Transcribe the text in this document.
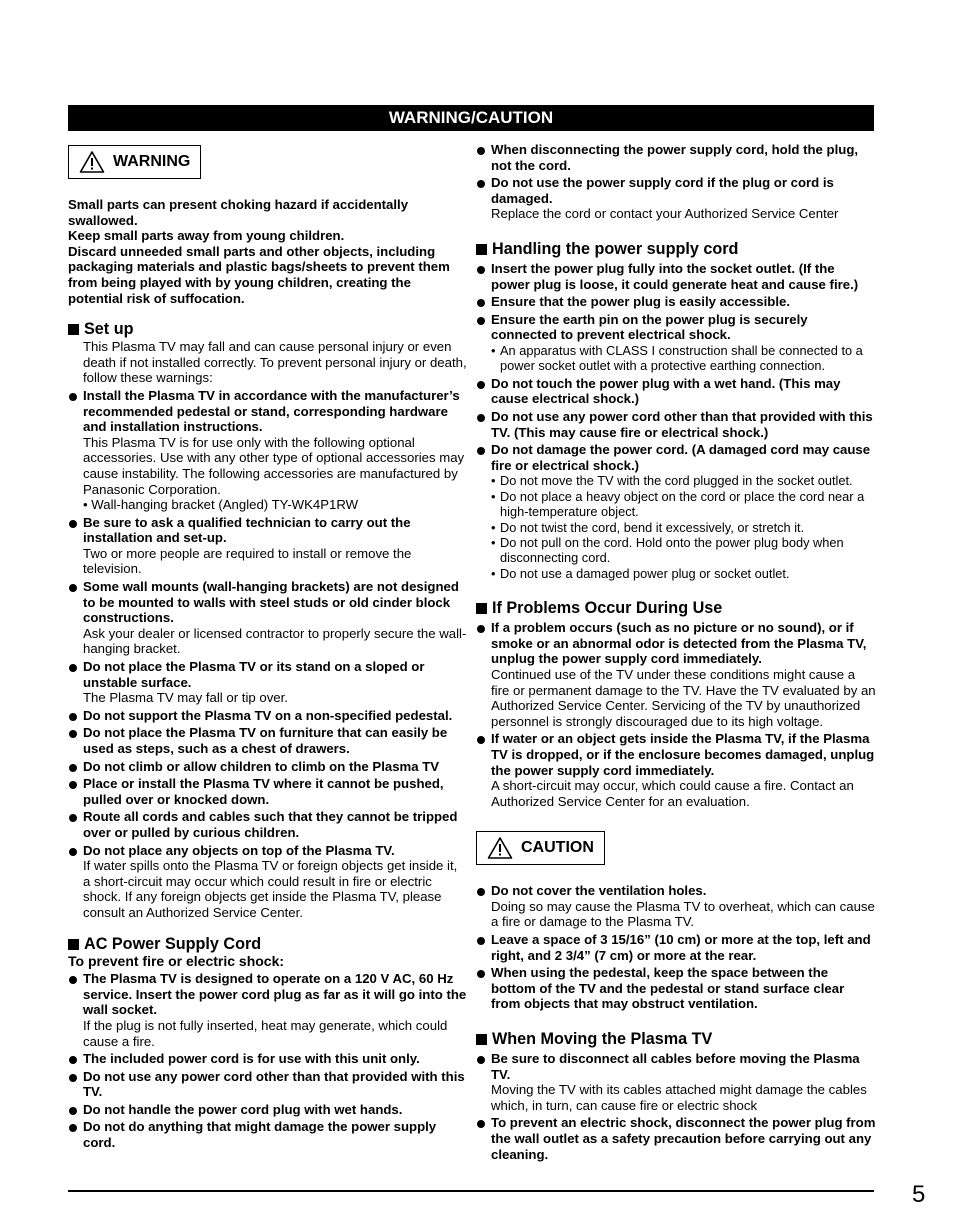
WARNING/CAUTION
WARNING
Small parts can present choking hazard if accidentally swallowed.
Keep small parts away from young children.
Discard unneeded small parts and other objects, including packaging materials and plastic bags/sheets to prevent them from being played with by young children, creating the potential risk of suffocation.
Set up
This Plasma TV may fall and can cause personal injury or even death if not installed correctly. To prevent personal injury or death, follow these warnings:
Install the Plasma TV in accordance with the manufacturer’s recommended pedestal or stand, corresponding hardware and installation instructions.
This Plasma TV is for use only with the following optional accessories. Use with any other type of optional accessories may cause instability. The following accessories are manufactured by Panasonic Corporation.
• Wall-hanging bracket (Angled) TY-WK4P1RW
Be sure to ask a qualified technician to carry out the installation and set-up.
Two or more people are required to install or remove the television.
Some wall mounts (wall-hanging brackets) are not designed to be mounted to walls with steel studs or old cinder block constructions.
Ask your dealer or licensed contractor to properly secure the wall-hanging bracket.
Do not place the Plasma TV or its stand on a sloped or unstable surface.
The Plasma TV may fall or tip over.
Do not support the Plasma TV on a non-specified pedestal.
Do not place the Plasma TV on furniture that can easily be used as steps, such as a chest of drawers.
Do not climb or allow children to climb on the Plasma TV
Place or install the Plasma TV where it cannot be pushed, pulled over or knocked down.
Route all cords and cables such that they cannot be tripped over or pulled by curious children.
Do not place any objects on top of the Plasma TV.
If water spills onto the Plasma TV or foreign objects get inside it, a short-circuit may occur which could result in fire or electric shock. If any foreign objects get inside the Plasma TV, please consult an Authorized Service Center.
AC Power Supply Cord
To prevent fire or electric shock:
The Plasma TV is designed to operate on a 120 V AC, 60 Hz service. Insert the power cord plug as far as it will go into the wall socket.
If the plug is not fully inserted, heat may generate, which could cause a fire.
The included power cord is for use with this unit only.
Do not use any power cord other than that provided with this TV.
Do not handle the power cord plug with wet hands.
Do not do anything that might damage the power supply cord.
When disconnecting the power supply cord, hold the plug, not the cord.
Do not use the power supply cord if the plug or cord is damaged.
Replace the cord or contact your Authorized Service Center
Handling the power supply cord
Insert the power plug fully into the socket outlet. (If the power plug is loose, it could generate heat and cause fire.)
Ensure that the power plug is easily accessible.
Ensure the earth pin on the power plug is securely connected to prevent electrical shock.
• An apparatus with CLASS I construction shall be connected to a power socket outlet with a protective earthing connection.
Do not touch the power plug with a wet hand. (This may cause electrical shock.)
Do not use any power cord other than that provided with this TV. (This may cause fire or electrical shock.)
Do not damage the power cord. (A damaged cord may cause fire or electrical shock.)
• Do not move the TV with the cord plugged in the socket outlet.
• Do not place a heavy object on the cord or place the cord near a high-temperature object.
• Do not twist the cord, bend it excessively, or stretch it.
• Do not pull on the cord. Hold onto the power plug body when disconnecting cord.
• Do not use a damaged power plug or socket outlet.
If Problems Occur During Use
If a problem occurs (such as no picture or no sound), or if smoke or an abnormal odor is detected from the Plasma TV, unplug the power supply cord immediately.
Continued use of the TV under these conditions might cause a fire or permanent damage to the TV. Have the TV evaluated by an Authorized Service Center. Servicing of the TV by unauthorized personnel is strongly discouraged due to its high voltage.
If water or an object gets inside the Plasma TV, if the Plasma TV is dropped, or if the enclosure becomes damaged, unplug the power supply cord immediately.
A short-circuit may occur, which could cause a fire. Contact an Authorized Service Center for an evaluation.
CAUTION
Do not cover the ventilation holes.
Doing so may cause the Plasma TV to overheat, which can cause a fire or damage to the Plasma TV.
Leave a space of 3 15/16” (10 cm) or more at the top, left and right, and 2 3/4” (7 cm) or more at the rear.
When using the pedestal, keep the space between the bottom of the TV and the pedestal or stand surface clear from objects that may obstruct ventilation.
When Moving the Plasma TV
Be sure to disconnect all cables before moving the Plasma TV.
Moving the TV with its cables attached might damage the cables which, in turn, can cause fire or electric shock
To prevent an electric shock, disconnect the power plug from the wall outlet as a safety precaution before carrying out any cleaning.
5
